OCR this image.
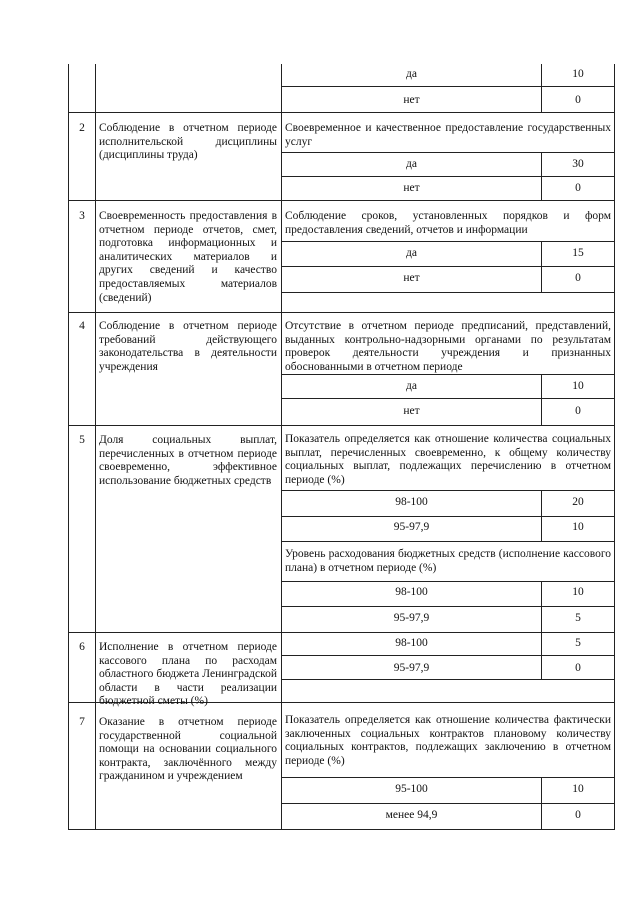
да	10
нет	0
2	Соблюдение в отчетном периоде исполнительской дисциплины (дисциплины труда)
Своевременное и качественное предоставление государственных услуг
да	30
нет	0
3	Своевременность предоставления в отчетном периоде отчетов, смет, подготовка информационных и аналитических материалов и других сведений и качество предоставляемых материалов (сведений)
Соблюдение сроков, установленных порядков и форм предоставления сведений, отчетов и информации
да	15
нет	0
4	Соблюдение в отчетном периоде требований действующего законодательства в деятельности учреждения
Отсутствие в отчетном периоде предписаний, представлений, выданных контрольно-надзорными органами по результатам проверок деятельности учреждения и признанных обоснованными в отчетном периоде
да	10
нет	0
5	Доля социальных выплат, перечисленных в отчетном периоде своевременно, эффективное использование бюджетных средств
Показатель определяется как отношение количества социальных выплат, перечисленных своевременно, к общему количеству социальных выплат, подлежащих перечислению в отчетном периоде (%)
98-100	20
95-97,9	10
Уровень расходования бюджетных средств (исполнение кассового плана) в отчетном периоде (%)
98-100	10
95-97,9	5
6	Исполнение в отчетном периоде кассового плана по расходам областного бюджета Ленинградской области в части реализации бюджетной сметы (%)
98-100	5
95-97,9	0
7	Оказание в отчетном периоде государственной социальной помощи на основании социального контракта, заключённого между гражданином и учреждением
Показатель определяется как отношение количества фактически заключенных социальных контрактов плановому количеству социальных контрактов, подлежащих заключению в отчетном периоде (%)
95-100	10
менее 94,9	0
